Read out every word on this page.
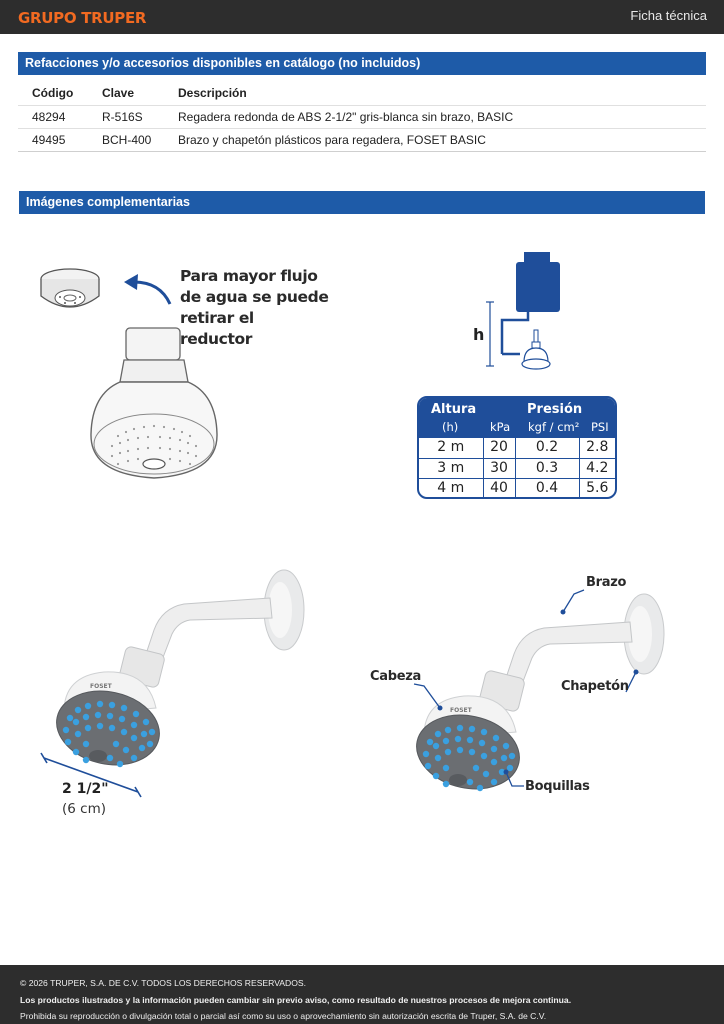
GRUPO TRUPER	Ficha técnica
Refacciones y/o accesorios disponibles en catálogo (no incluidos)
Código	Clave	Descripción
48294	R-516S	Regadera redonda de ABS 2-1/2" gris-blanca sin brazo, BASIC
49495	BCH-400	Brazo y chapetón plásticos para regadera, FOSET BASIC
Imágenes complementarias
Para mayor flujo
de agua se puede
retirar el reductor	h
Altura
(h)
Presión
kPa kgf / cm² PSI
2 m	20	0.2	2.8
3 m	30	0.3	4.2
4 m	40	0.4	5.6
FOSET
2 1/2"
(6 cm)
FOSET
Brazo
Cabeza
Chapetón
Boquillas
© 2026 TRUPER, S.A. DE C.V. TODOS LOS DERECHOS RESERVADOS.
Los productos ilustrados y la información pueden cambiar sin previo aviso, como resultado de nuestros procesos de mejora continua.
Prohibida su reproducción o divulgación total o parcial así como su uso o aprovechamiento sin autorización escrita de Truper, S.A. de C.V.
